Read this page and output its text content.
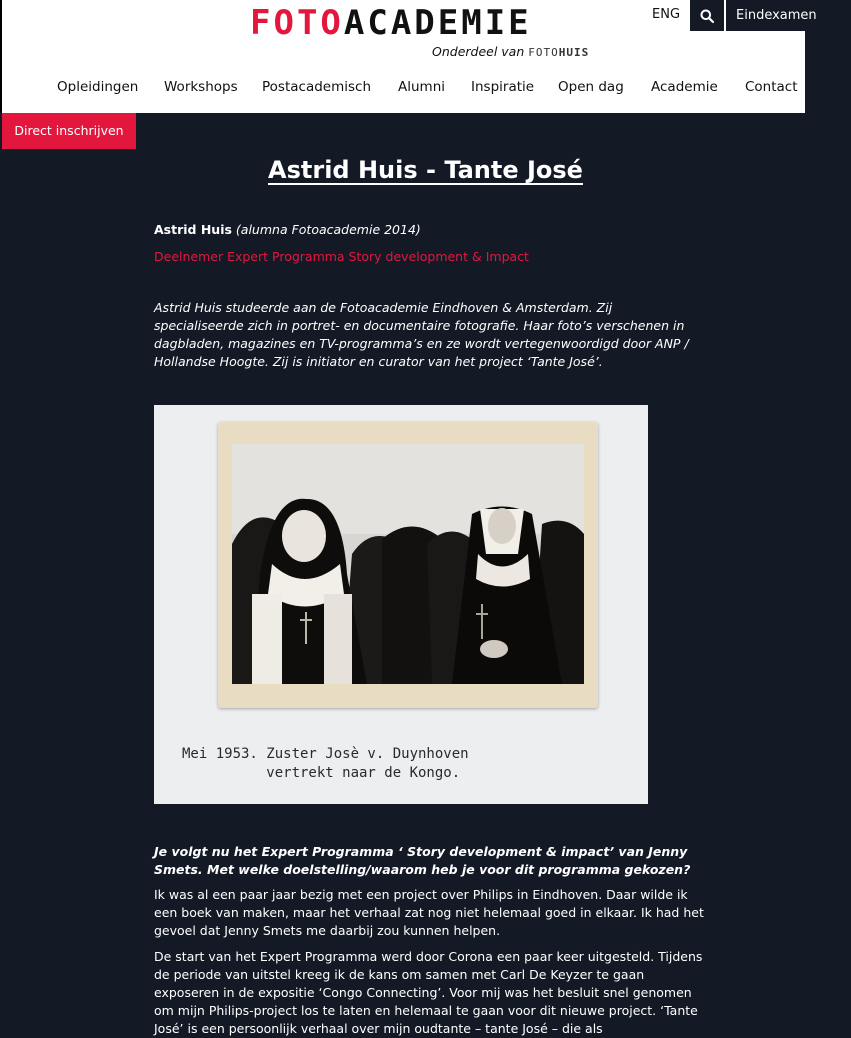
FOTOACADEMIE
Onderdeel van FOTOHUIS
ENG	Eindexamen
Opleidingen Workshops Postacademisch Alumni Inspiratie Open dag Academie Contact
Direct inschrijven
Astrid Huis - Tante José
Astrid Huis (alumna Fotoacademie 2014)
Deelnemer Expert Programma Story development & Impact
Astrid Huis studeerde aan de Fotoacademie Eindhoven & Amsterdam. Zij specialiseerde zich in portret- en documentaire fotografie. Haar foto’s verschenen in dagbladen, magazines en TV-programma’s en ze wordt vertegenwoordigd door ANP / Hollandse Hoogte. Zij is initiator en curator van het project ‘Tante José’.
Mei 1953. Zuster Josè v. Duynhoven
vertrekt naar de Kongo.
Je volgt nu het Expert Programma ‘ Story development & impact’ van Jenny Smets. Met welke doelstelling/waarom heb je voor dit programma gekozen?
Ik was al een paar jaar bezig met een project over Philips in Eindhoven. Daar wilde ik een boek van maken, maar het verhaal zat nog niet helemaal goed in elkaar. Ik had het gevoel dat Jenny Smets me daarbij zou kunnen helpen.
De start van het Expert Programma werd door Corona een paar keer uitgesteld. Tijdens de periode van uitstel kreeg ik de kans om samen met Carl De Keyzer te gaan exposeren in de expositie ‘Congo Connecting’. Voor mij was het besluit snel genomen om mijn Philips-project los te laten en helemaal te gaan voor dit nieuwe project. ‘Tante José’ is een persoonlijk verhaal over mijn oudtante – tante José – die als
